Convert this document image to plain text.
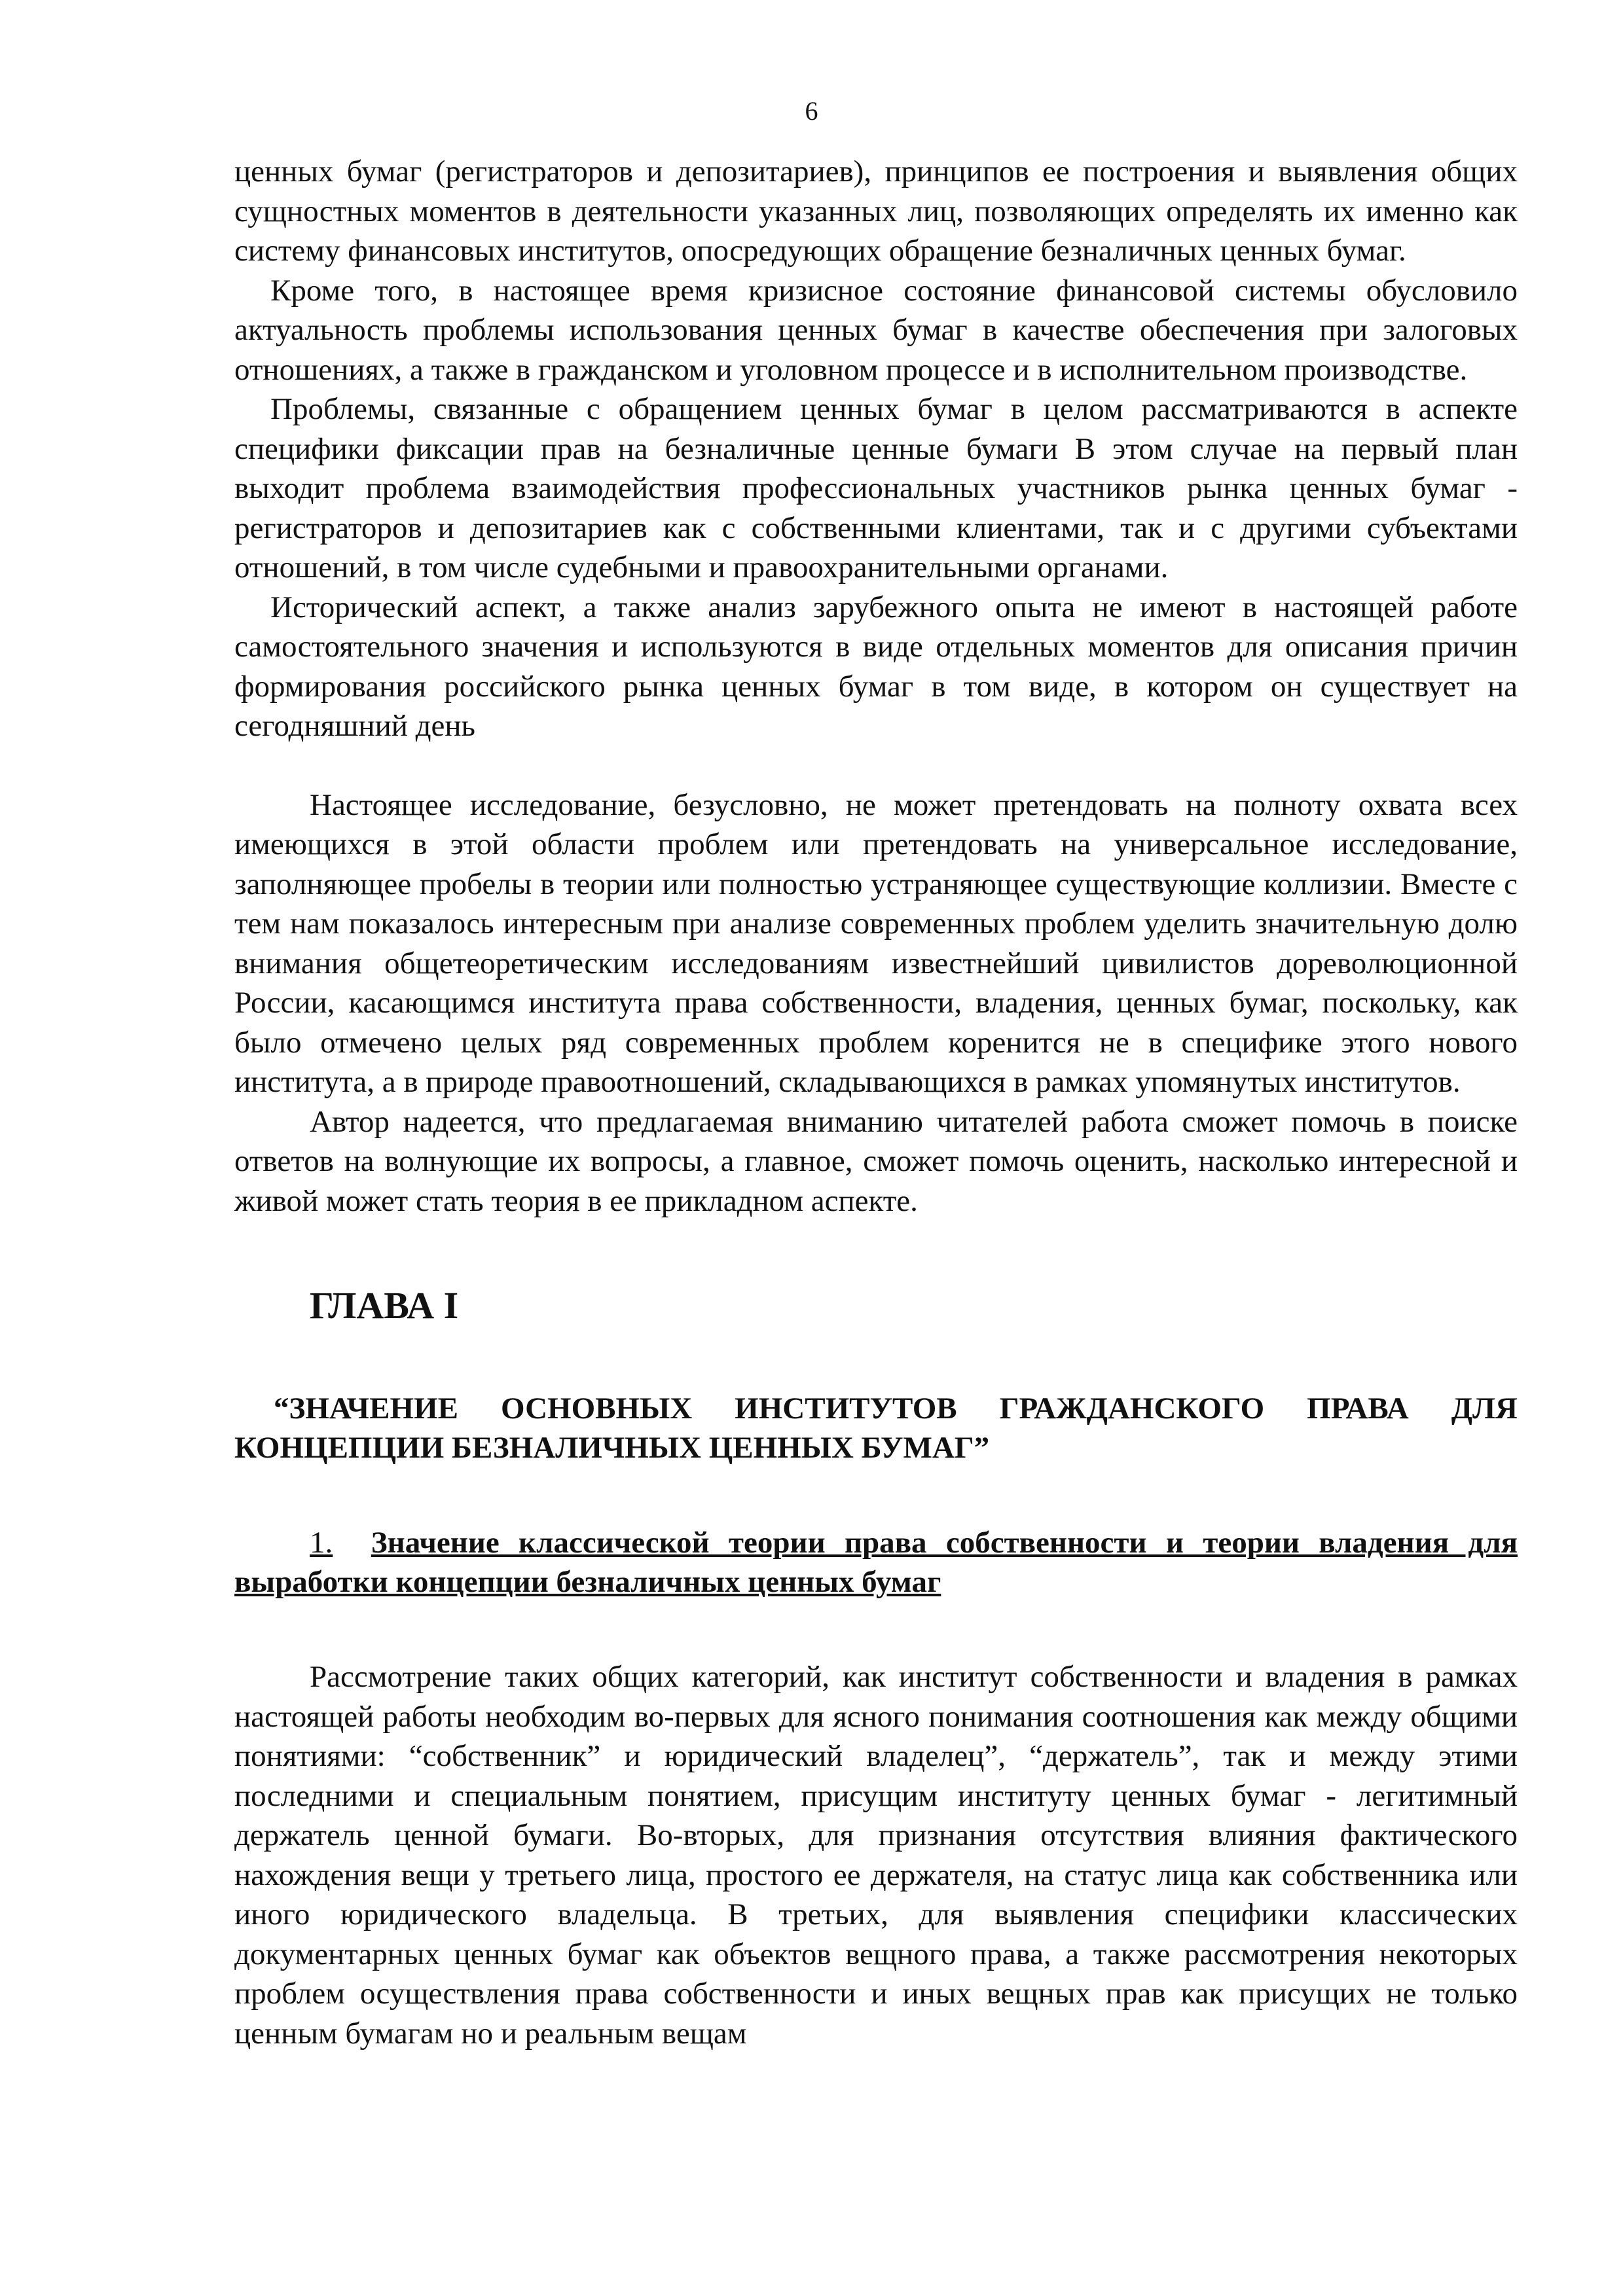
6

ценных бумаг (регистраторов и депозитариев), принципов ее построения и выявления общих сущностных моментов в деятельности указанных лиц, позволяющих определять их именно как систему финансовых институтов, опосредующих обращение безналичных ценных бумаг.

Кроме того, в настоящее время кризисное состояние финансовой системы обусловило актуальность проблемы использования ценных бумаг в качестве обеспечения при залоговых отношениях, а также в гражданском и уголовном процессе и в исполнительном производстве.

Проблемы, связанные с обращением ценных бумаг в целом рассматриваются в аспекте специфики фиксации прав на безналичные ценные бумаги В этом случае на первый план выходит проблема взаимодействия профессиональных участников рынка ценных бумаг - регистраторов и депозитариев как с собственными клиентами, так и с другими субъектами отношений, в том числе судебными и правоохранительными органами.

Исторический аспект, а также анализ зарубежного опыта не имеют в настоящей работе самостоятельного значения и используются в виде отдельных моментов для описания причин формирования российского рынка ценных бумаг в том виде, в котором он существует на сегодняшний день

Настоящее исследование, безусловно, не может претендовать на полноту охвата всех имеющихся в этой области проблем или претендовать на универсальное исследование, заполняющее пробелы в теории или полностью устраняющее существующие коллизии. Вместе с тем нам показалось интересным при анализе современных проблем уделить значительную долю внимания общетеоретическим исследованиям известнейший цивилистов дореволюционной России, касающимся института права собственности, владения, ценных бумаг, поскольку, как было отмечено целых ряд современных проблем коренится не в специфике этого нового института, а в природе правоотношений, складывающихся в рамках упомянутых институтов.

Автор надеется, что предлагаемая вниманию читателей работа сможет помочь в поиске ответов на волнующие их вопросы, а главное, сможет помочь оценить, насколько интересной и живой может стать теория в ее прикладном аспекте.

ГЛАВА I
“ЗНАЧЕНИЕ ОСНОВНЫХ ИНСТИТУТОВ ГРАЖДАНСКОГО ПРАВА ДЛЯ КОНЦЕПЦИИ БЕЗНАЛИЧНЫХ ЦЕННЫХ БУМАГ”
1. Значение классической теории права собственности и теории владения для выработки концепции безналичных ценных бумаг

Рассмотрение таких общих категорий, как институт собственности и владения в рамках настоящей работы необходим во-первых для ясного понимания соотношения как между общими понятиями: “собственник” и юридический владелец”, “держатель”, так и между этими последними и специальным понятием, присущим институту ценных бумаг - легитимный держатель ценной бумаги. Во-вторых, для признания отсутствия влияния фактического нахождения вещи у третьего лица, простого ее держателя, на статус лица как собственника или иного юридического владельца. В третьих, для выявления специфики классических документарных ценных бумаг как объектов вещного права, а также рассмотрения некоторых проблем осуществления права собственности и иных вещных прав как присущих не только ценным бумагам но и реальным вещам
